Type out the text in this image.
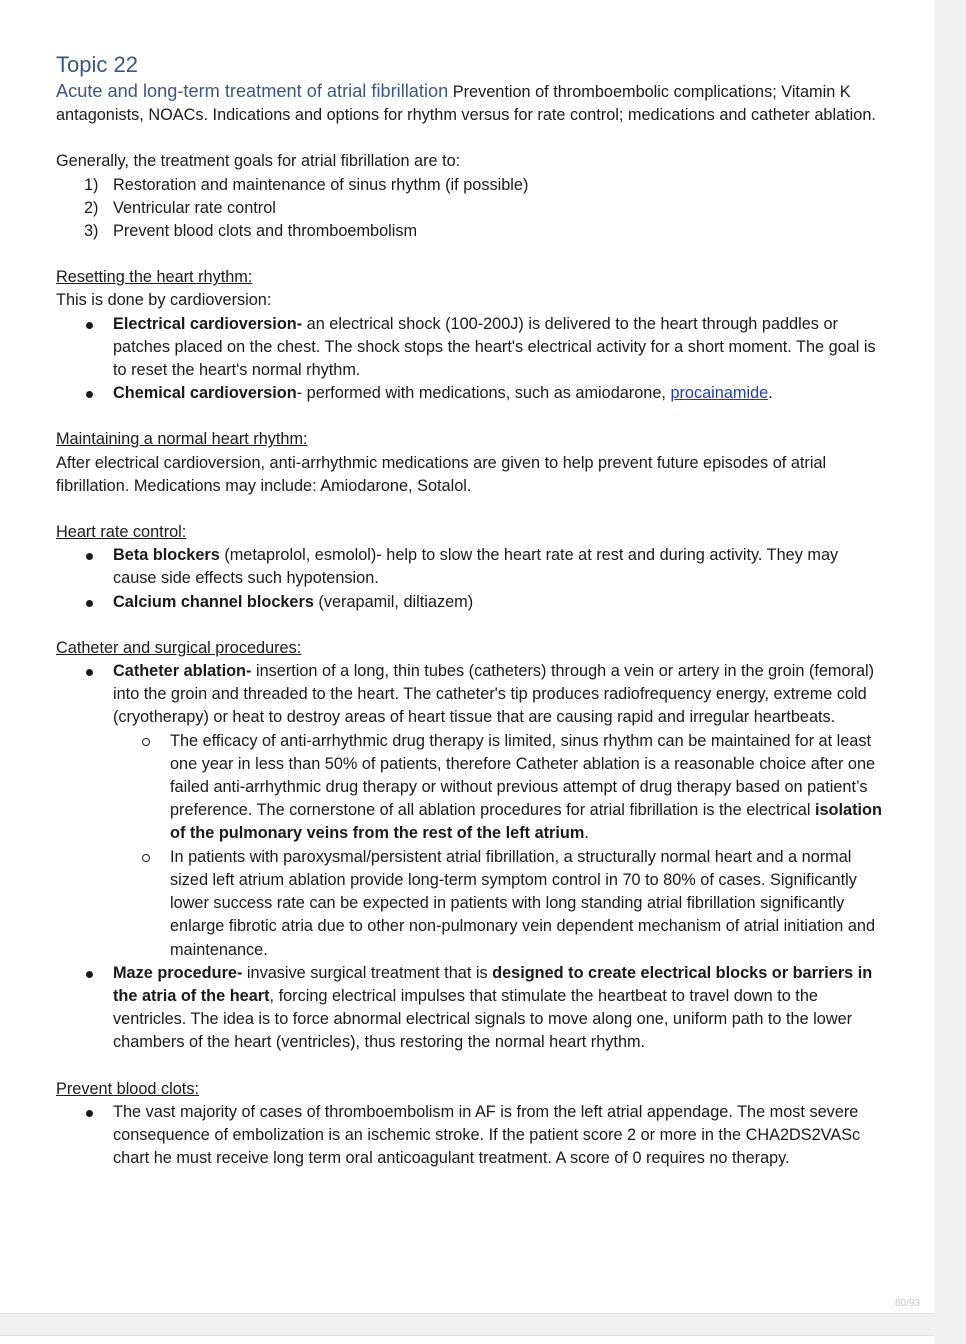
Topic 22

Acute and long-term treatment of atrial fibrillation Prevention of thromboembolic complications; Vitamin K antagonists, NOACs. Indications and options for rhythm versus for rate control; medications and catheter ablation.

Generally, the treatment goals for atrial fibrillation are to:

1) Restoration and maintenance of sinus rhythm (if possible)
2) Ventricular rate control
3) Prevent blood clots and thromboembolism

Resetting the heart rhythm:

This is done by cardioversion:

Electrical cardioversion- an electrical shock (100-200J) is delivered to the heart through paddles or patches placed on the chest. The shock stops the heart's electrical activity for a short moment. The goal is to reset the heart's normal rhythm.
Chemical cardioversion- performed with medications, such as amiodarone, procainamide.

Maintaining a normal heart rhythm:

After electrical cardioversion, anti-arrhythmic medications are given to help prevent future episodes of atrial fibrillation. Medications may include: Amiodarone, Sotalol.

Heart rate control:

Beta blockers (metaprolol, esmolol)- help to slow the heart rate at rest and during activity. They may cause side effects such hypotension.
Calcium channel blockers (verapamil, diltiazem)

Catheter and surgical procedures:

Catheter ablation- insertion of a long, thin tubes (catheters) through a vein or artery in the groin (femoral) into the groin and threaded to the heart. The catheter's tip produces radiofrequency energy, extreme cold (cryotherapy) or heat to destroy areas of heart tissue that are causing rapid and irregular heartbeats.
The efficacy of anti-arrhythmic drug therapy is limited, sinus rhythm can be maintained for at least one year in less than 50% of patients, therefore Catheter ablation is a reasonable choice after one failed anti-arrhythmic drug therapy or without previous attempt of drug therapy based on patient’s preference. The cornerstone of all ablation procedures for atrial fibrillation is the electrical isolation of the pulmonary veins from the rest of the left atrium.
In patients with paroxysmal/persistent atrial fibrillation, a structurally normal heart and a normal sized left atrium ablation provide long-term symptom control in 70 to 80% of cases. Significantly lower success rate can be expected in patients with long standing atrial fibrillation significantly enlarge fibrotic atria due to other non-pulmonary vein dependent mechanism of atrial initiation and maintenance.
Maze procedure- invasive surgical treatment that is designed to create electrical blocks or barriers in the atria of the heart, forcing electrical impulses that stimulate the heartbeat to travel down to the ventricles. The idea is to force abnormal electrical signals to move along one, uniform path to the lower chambers of the heart (ventricles), thus restoring the normal heart rhythm.

Prevent blood clots:

The vast majority of cases of thromboembolism in AF is from the left atrial appendage. The most severe consequence of embolization is an ischemic stroke. If the patient score 2 or more in the CHA2DS2VASc chart he must receive long term oral anticoagulant treatment. A score of 0 requires no therapy.
80/93
